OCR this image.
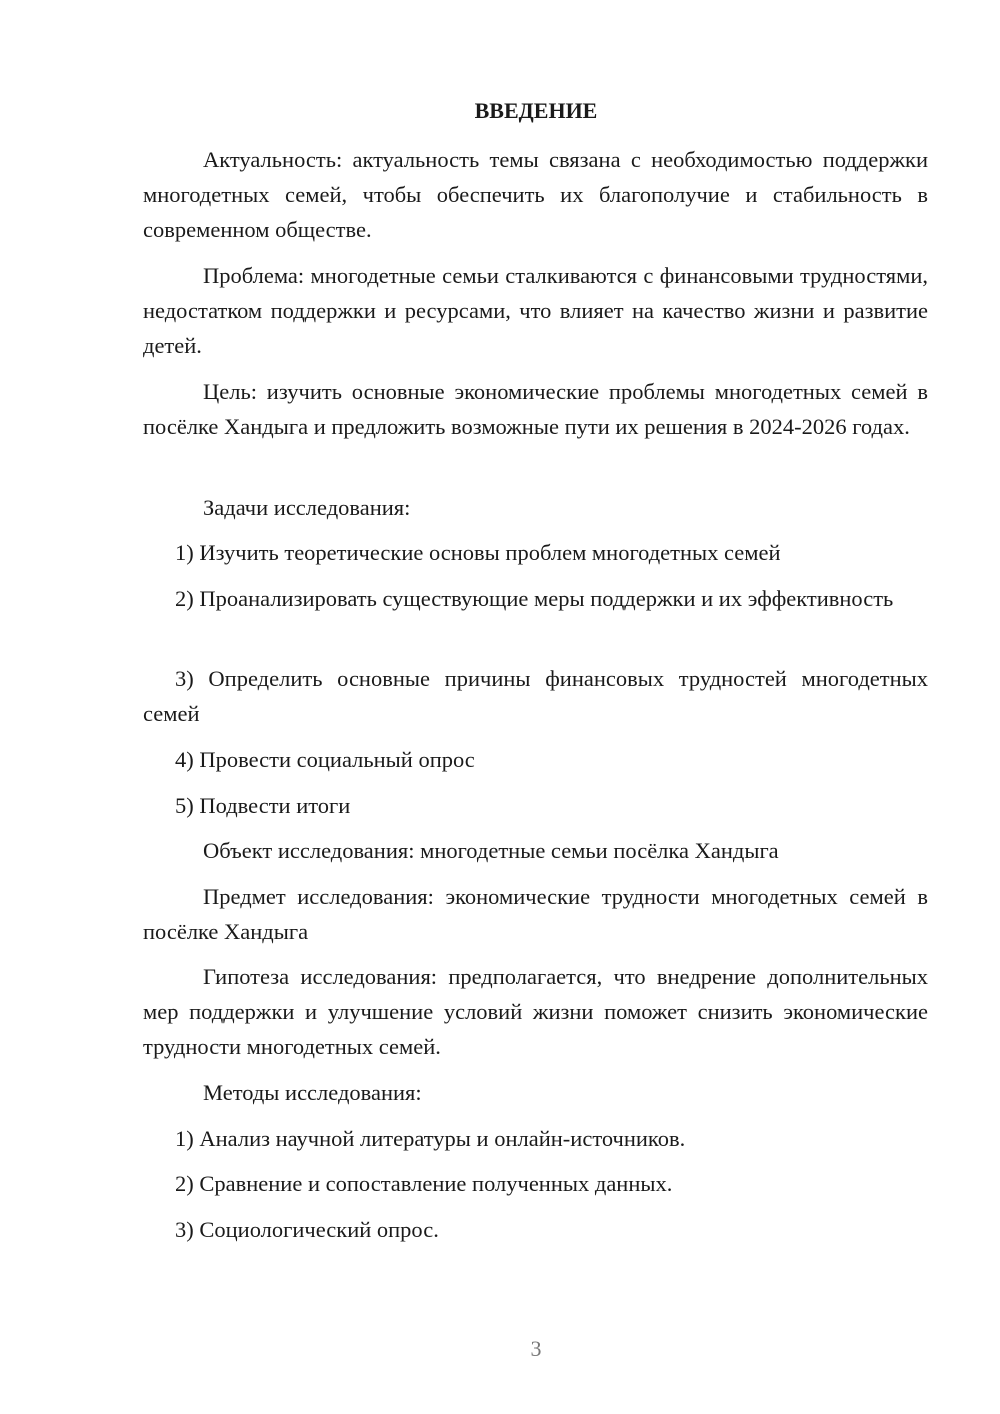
ВВЕДЕНИЕ

Актуальность: актуальность темы связана с необходимостью поддержки многодетных семей, чтобы обеспечить их благополучие и стабильность в современном обществе.

Проблема: многодетные семьи сталкиваются с финансовыми трудностями, недостатком поддержки и ресурсами, что влияет на качество жизни и развитие детей.

Цель: изучить основные экономические проблемы многодетных семей в посёлке Хандыга и предложить возможные пути их решения в 2024-2026 годах.

Задачи исследования:

1) Изучить теоретические основы проблем многодетных семей

2) Проанализировать существующие меры поддержки и их эффективность

3) Определить основные причины финансовых трудностей многодетных семей

4) Провести социальный опрос

5) Подвести итоги

Объект исследования: многодетные семьи посёлка Хандыга

Предмет исследования: экономические трудности многодетных семей в посёлке Хандыга

Гипотеза исследования: предполагается, что внедрение дополнительных мер поддержки и улучшение условий жизни поможет снизить экономические трудности многодетных семей.

Методы исследования:

1) Анализ научной литературы и онлайн-источников.

2) Сравнение и сопоставление полученных данных.

3) Социологический опрос.

3
